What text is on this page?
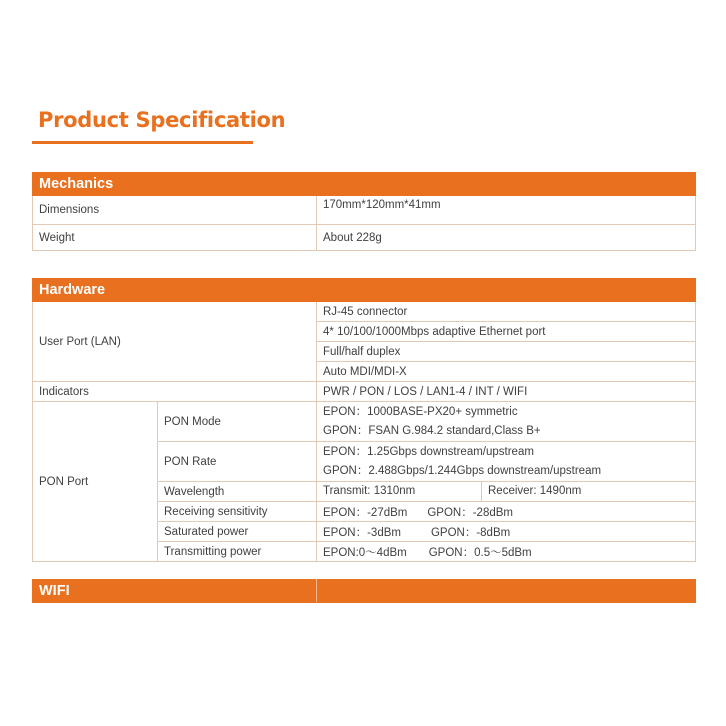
Product Specification
Mechanics	
Dimensions	170mm*120mm*41mm
Weight	About 228g
Hardware		
User Port (LAN)		RJ-45 connector
		4* 10/100/1000Mbps adaptive Ethernet port
		Full/half duplex
		Auto MDI/MDI-X
Indicators		PWR / PON / LOS / LAN1-4 / INT / WIFI
PON Port	PON Mode	EPON：1000BASE-PX20+ symmetric
GPON：FSAN G.984.2 standard,Class B+

	PON Rate	EPON：1.25Gbps downstream/upstream
GPON：2.488Gbps/1.244Gbps downstream/upstream

	Wavelength	Transmit: 1310nm Receiver: 1490nm

	Receiving sensitivity	EPON：-27dBm GPON：-28dBm
	Saturated power	EPON：-3dBm GPON：-8dBm
	Transmitting power	EPON:0～4dBm GPON：0.5～5dBm
WIFI	
